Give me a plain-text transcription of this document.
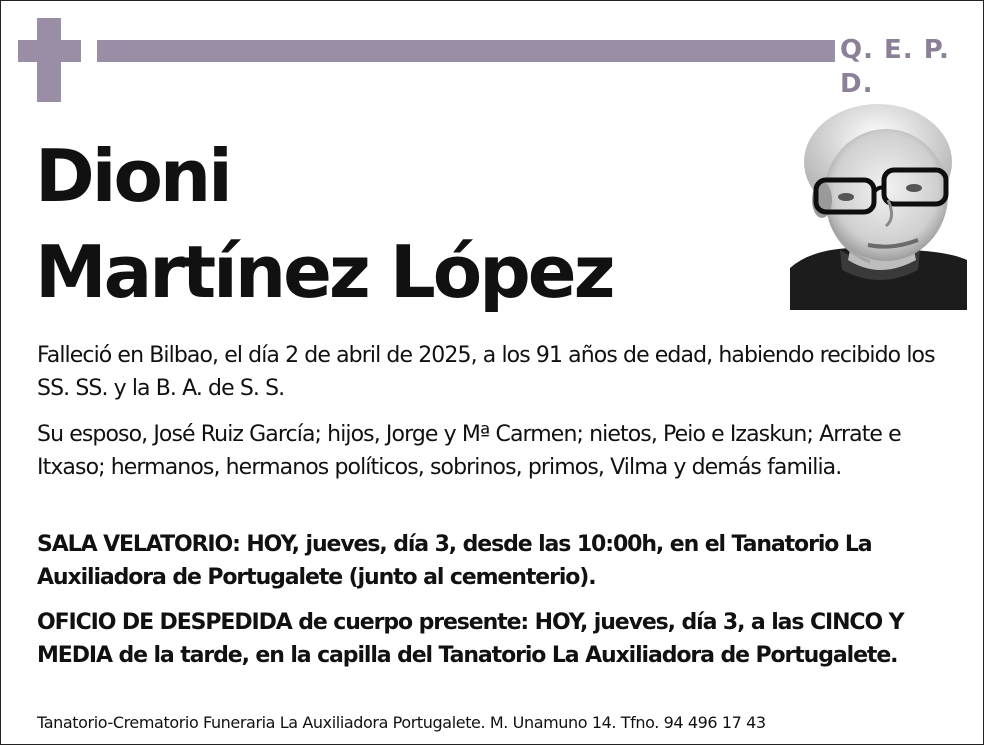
Q. E. P. D.
Dioni
Martínez López

Falleció en Bilbao, el día 2 de abril de 2025, a los 91 años de edad, habiendo recibido los SS. SS. y la B. A. de S. S.

Su esposo, José Ruiz García; hijos, Jorge y Mª Carmen; nietos, Peio e Izaskun; Arrate e Itxaso; hermanos, hermanos políticos, sobrinos, primos, Vilma y demás familia.

SALA VELATORIO: HOY, jueves, día 3, desde las 10:00h, en el Tanatorio La Auxiliadora de Portugalete (junto al cementerio).

OFICIO DE DESPEDIDA de cuerpo presente: HOY, jueves, día 3, a las CINCO Y MEDIA de la tarde, en la capilla del Tanatorio La Auxiliadora de Portugalete.

Tanatorio-Crematorio Funeraria La Auxiliadora Portugalete. M. Unamuno 14. Tfno. 94 496 17 43
